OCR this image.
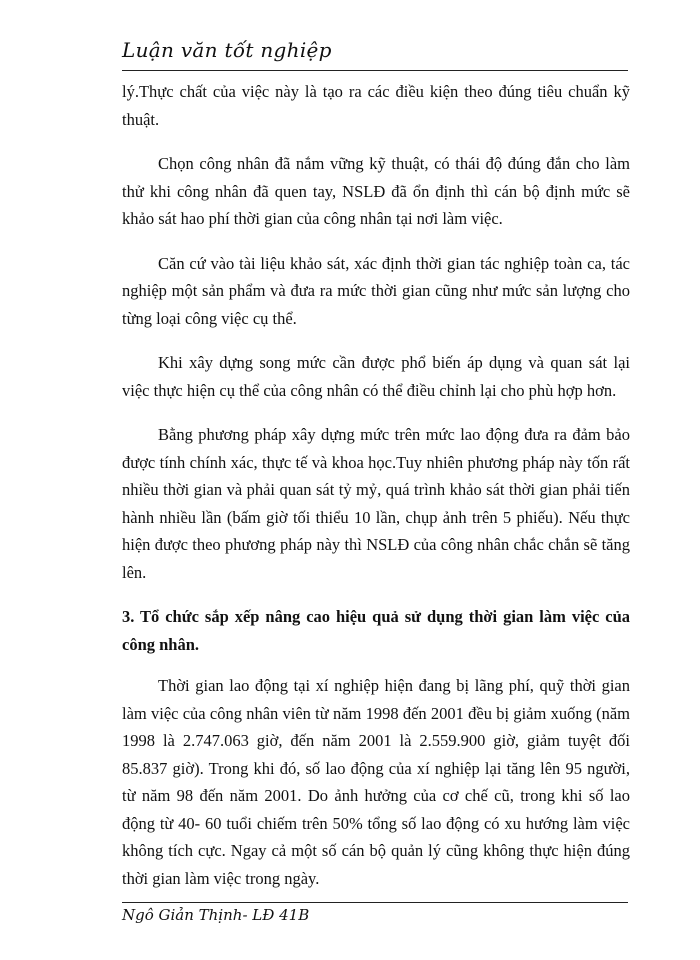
Luận văn tốt nghiệp

lý.Thực chất của việc này là tạo ra các điều kiện theo đúng tiêu chuẩn kỹ thuật.

Chọn công nhân đã nắm vững kỹ thuật, có thái độ đúng đắn cho làm thử khi công nhân đã quen tay, NSLĐ đã ổn định thì cán bộ định mức sẽ khảo sát hao phí thời gian của công nhân tại nơi làm việc.

Căn cứ vào tài liệu khảo sát, xác định thời gian tác nghiệp toàn ca, tác nghiệp một sản phẩm và đưa ra mức thời gian cũng như mức sản lượng cho từng loại công việc cụ thể.

Khi xây dựng song mức cần được phổ biến áp dụng và quan sát lại việc thực hiện cụ thể của công nhân có thể điều chỉnh lại cho phù hợp hơn.

Bằng phương pháp xây dựng mức trên mức lao động đưa ra đảm bảo được tính chính xác, thực tế và khoa học.Tuy nhiên phương pháp này tốn rất nhiều thời gian và phải quan sát tỷ mỷ, quá trình khảo sát thời gian phải tiến hành nhiều lần (bấm giờ tối thiểu 10 lần, chụp ảnh trên 5 phiếu). Nếu thực hiện được theo phương pháp này thì NSLĐ của công nhân chắc chắn sẽ tăng lên.

3. Tổ chức sắp xếp nâng cao hiệu quả sử dụng thời gian làm việc của công nhân.

Thời gian lao động tại xí nghiệp hiện đang bị lãng phí, quỹ thời gian làm việc của công nhân viên từ năm 1998 đến 2001 đều bị giảm xuống (năm 1998 là 2.747.063 giờ, đến năm 2001 là 2.559.900 giờ, giảm tuyệt đối 85.837 giờ). Trong khi đó, số lao động của xí nghiệp lại tăng lên 95 người, từ năm 98 đến năm 2001. Do ảnh hưởng của cơ chế cũ, trong khi số lao động từ 40- 60 tuổi chiếm trên 50% tổng số lao động có xu hướng làm việc không tích cực. Ngay cả một số cán bộ quản lý cũng không thực hiện đúng thời gian làm việc trong ngày.

Ngô Giản Thịnh- LĐ 41B
